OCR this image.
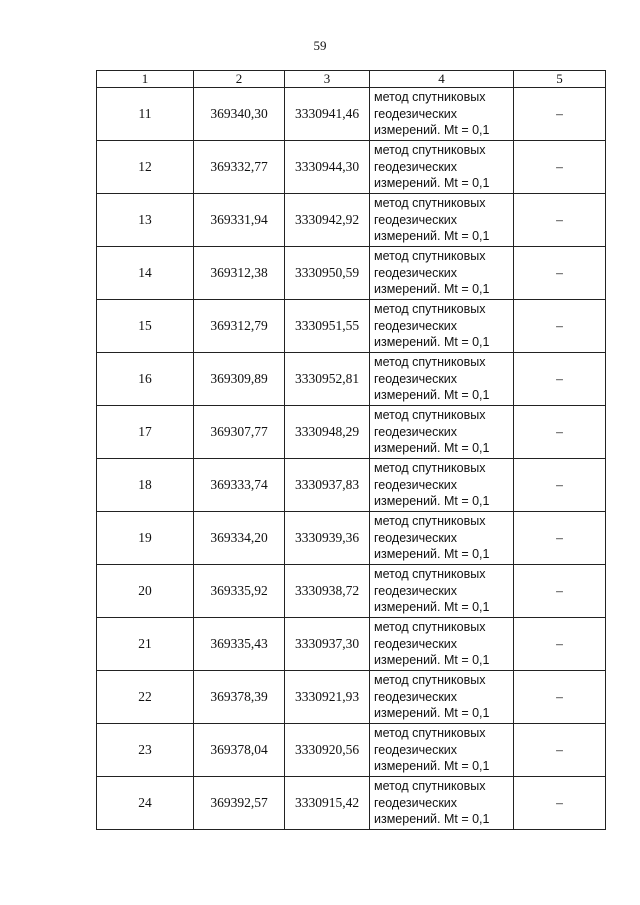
59
1	2	3	4	5
11	369340,30	3330941,46	метод спутниковых
геодезических
измерений. Mt = 0,1	–
12	369332,77	3330944,30	метод спутниковых
геодезических
измерений. Mt = 0,1	–
13	369331,94	3330942,92	метод спутниковых
геодезических
измерений. Mt = 0,1	–
14	369312,38	3330950,59	метод спутниковых
геодезических
измерений. Mt = 0,1	–
15	369312,79	3330951,55	метод спутниковых
геодезических
измерений. Mt = 0,1	–
16	369309,89	3330952,81	метод спутниковых
геодезических
измерений. Mt = 0,1	–
17	369307,77	3330948,29	метод спутниковых
геодезических
измерений. Mt = 0,1	–
18	369333,74	3330937,83	метод спутниковых
геодезических
измерений. Mt = 0,1	–
19	369334,20	3330939,36	метод спутниковых
геодезических
измерений. Mt = 0,1	–
20	369335,92	3330938,72	метод спутниковых
геодезических
измерений. Mt = 0,1	–
21	369335,43	3330937,30	метод спутниковых
геодезических
измерений. Mt = 0,1	–
22	369378,39	3330921,93	метод спутниковых
геодезических
измерений. Mt = 0,1	–
23	369378,04	3330920,56	метод спутниковых
геодезических
измерений. Mt = 0,1	–
24	369392,57	3330915,42	метод спутниковых
геодезических
измерений. Mt = 0,1	–
